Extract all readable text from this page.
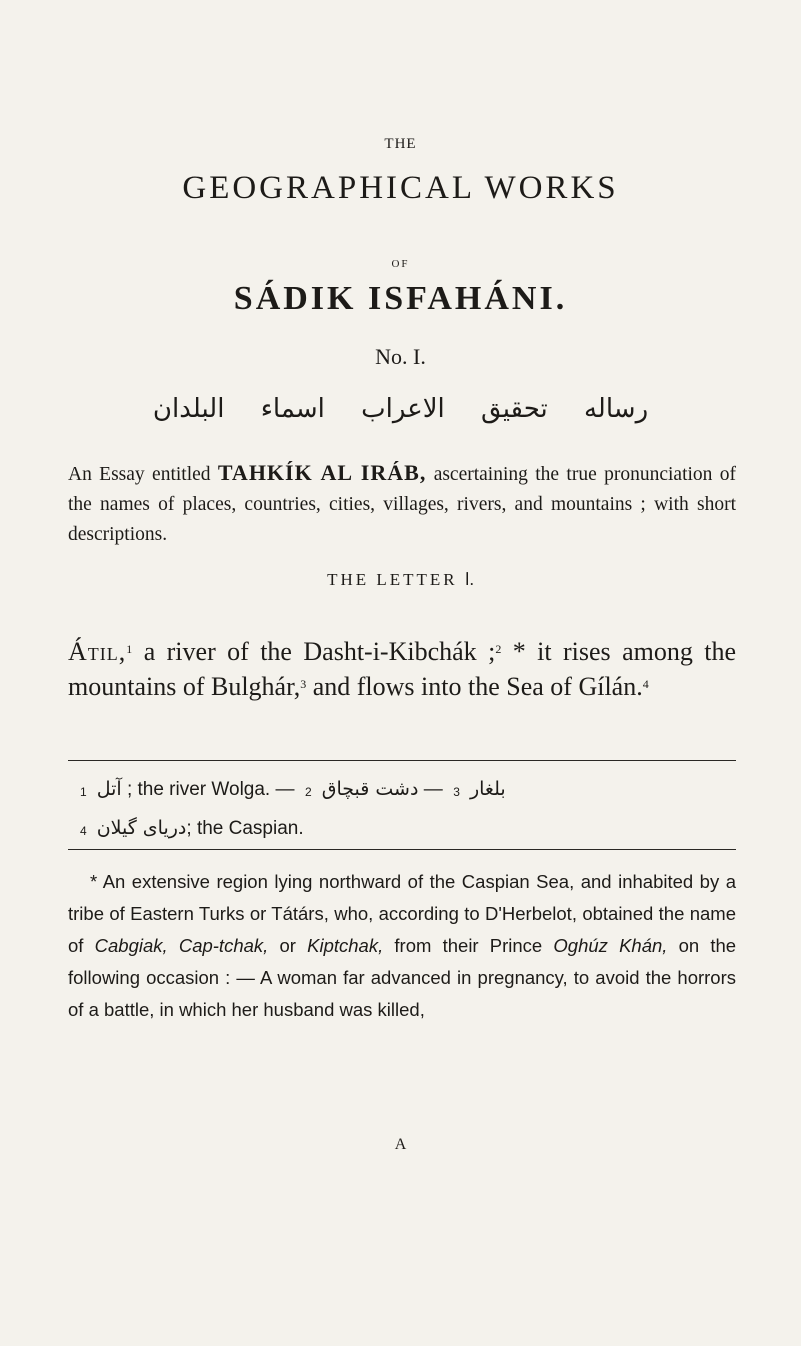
THE

GEOGRAPHICAL WORKS

OF

SÁDIK ISFAHÁNI.

No. I.

رساله تحقيق الاعراب اسماء البلدان

An Essay entitled TAHKÍK AL IRÁB, ascertaining the true pronunciation of the names of places, countries, cities, villages, rivers, and mountains ; with short descriptions.

THE LETTER ا.

Átil,$^1$ a river of the Dasht-i-Kibchák ;$^2$ * it rises among the mountains of Bulghár,$^3$ and flows into the Sea of Gílán.$^4$

$^1$ آتل ; the river Wolga. — $^2$ دشت قبچاق — $^3$ بلغار
$^4$ دریای گیلان; the Caspian.

* An extensive region lying northward of the Caspian Sea, and inhabited by a tribe of Eastern Turks or Tátárs, who, according to D'Herbelot, obtained the name of Cabgiak, Cap-tchak, or Kiptchak, from their Prince Oghúz Khán, on the following occasion : — A woman far advanced in pregnancy, to avoid the horrors of a battle, in which her husband was killed,

A
